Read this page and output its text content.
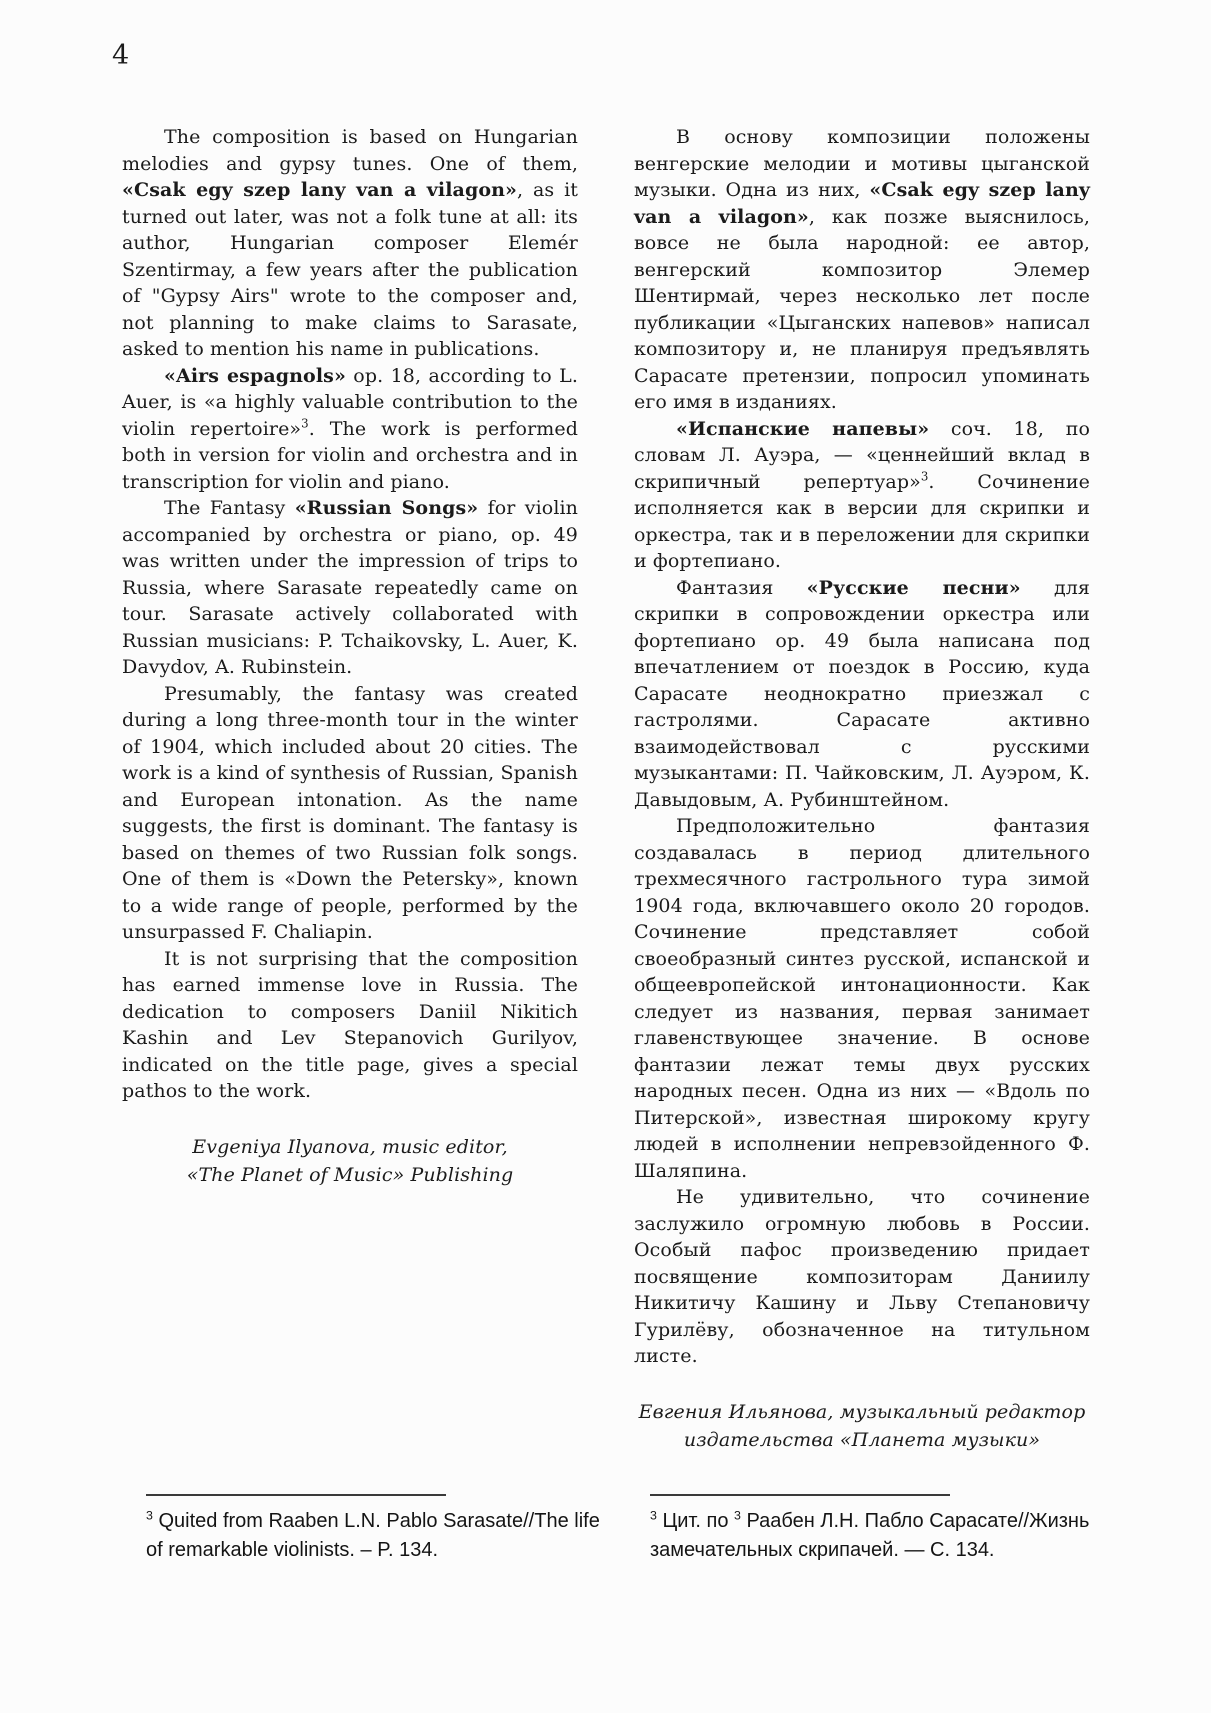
4

The composition is based on Hungarian melodies and gypsy tunes. One of them, «Csak egy szep lany van a vilagon», as it turned out later, was not a folk tune at all: its author, Hungarian composer Elemér Szentirmay, a few years after the publication of "Gypsy Airs" wrote to the composer and, not planning to make claims to Sarasate, asked to mention his name in publications.

«Airs espagnols» op. 18, according to L. Auer, is «a highly valuable contribution to the violin repertoire»$^3$. The work is performed both in version for violin and orchestra and in transcription for violin and piano.

The Fantasy «Russian Songs» for violin accompanied by orchestra or piano, op. 49 was written under the impression of trips to Russia, where Sarasate repeatedly came on tour. Sarasate actively collaborated with Russian musicians: P. Tchaikovsky, L. Auer, K. Davydov, A. Rubinstein.

Presumably, the fantasy was created during a long three-month tour in the winter of 1904, which included about 20 cities. The work is a kind of synthesis of Russian, Spanish and European intonation. As the name suggests, the first is dominant. The fantasy is based on themes of two Russian folk songs. One of them is «Down the Petersky», known to a wide range of people, performed by the unsurpassed F. Chaliapin.

It is not surprising that the composition has earned immense love in Russia. The dedication to composers Daniil Nikitich Kashin and Lev Stepanovich Gurilyov, indicated on the title page, gives a special pathos to the work.

Evgeniya Ilyanova, music editor,
«The Planet of Music» Publishing

В основу композиции положены венгерские мелодии и мотивы цыганской музыки. Одна из них, «Csak egy szep lany van a vilagon», как позже выяснилось, вовсе не была народной: ее автор, венгерский композитор Элемер Шентирмай, через несколько лет после публикации «Цыганских напевов» написал композитору и, не планируя предъявлять Сарасате претензии, попросил упоминать его имя в изданиях.

«Испанские напевы» соч. 18, по словам Л. Ауэра, — «ценнейший вклад в скрипичный репертуар»$^3$. Сочинение исполняется как в версии для скрипки и оркестра, так и в переложении для скрипки и фортепиано.

Фантазия «Русские песни» для скрипки в сопровождении оркестра или фортепиано ор. 49 была написана под впечатлением от поездок в Россию, куда Сарасате неоднократно приезжал с гастролями. Сарасате активно взаимодействовал с русскими музыкантами: П. Чайковским, Л. Ауэром, К. Давыдовым, А. Рубинштейном.

Предположительно фантазия создавалась в период длительного трехмесячного гастрольного тура зимой 1904 года, включавшего около 20 городов. Сочинение представляет собой своеобразный синтез русской, испанской и общеевропейской интонационности. Как следует из названия, первая занимает главенствующее значение. В основе фантазии лежат темы двух русских народных песен. Одна из них — «Вдоль по Питерской», известная широкому кругу людей в исполнении непревзойденного Ф. Шаляпина.

Не удивительно, что сочинение заслужило огромную любовь в России. Особый пафос произведению придает посвящение композиторам Даниилу Никитичу Кашину и Льву Степановичу Гурилёву, обозначенное на титульном листе.

Евгения Ильянова, музыкальный редактор
издательства «Планета музыки»
$^3$ Quited from Raaben L.N. Pablo Sarasate//The life of remarkable violinists. – P. 134.
$^3$ Цит. по $^3$ Раабен Л.Н. Пабло Сарасате//Жизнь замечательных скрипачей. — С. 134.
